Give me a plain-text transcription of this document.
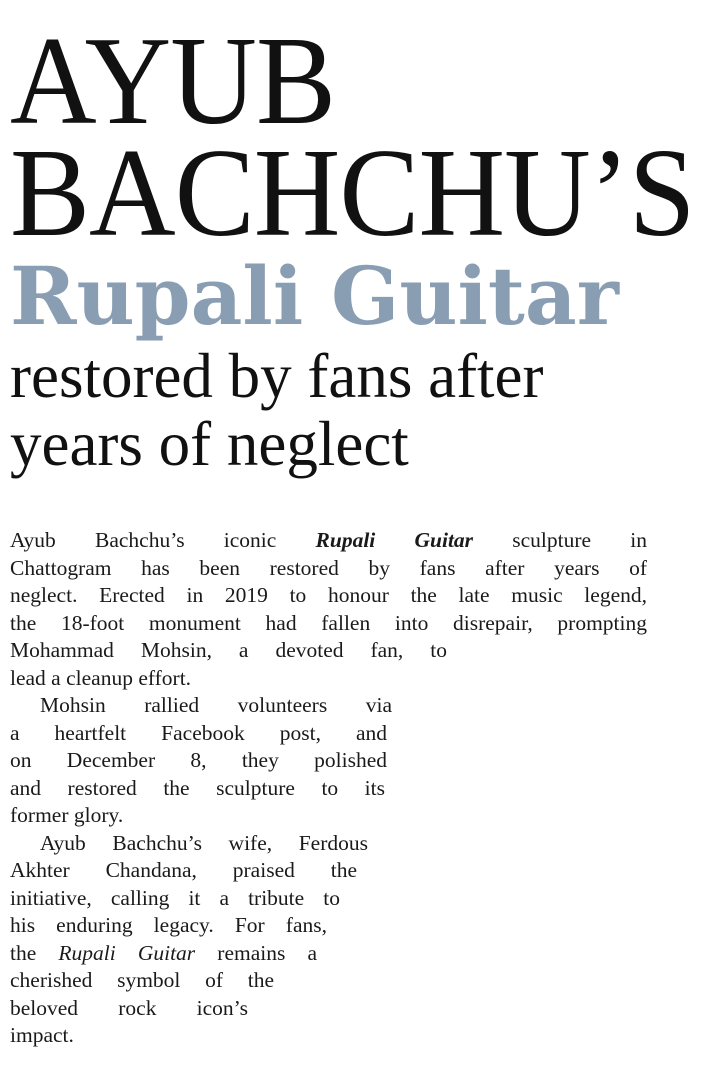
AYUB
BACHCHU’S
Rupali Guitar
restored by fans after
years of neglect
Ayub Bachchu’s iconic Rupali Guitar sculpture in
Chattogram has been restored by fans after years of
neglect. Erected in 2019 to honour the late music legend,
the 18-foot monument had fallen into disrepair, prompting
Mohammad Mohsin, a devoted fan, to
lead a cleanup effort.
Mohsin rallied volunteers via
a heartfelt Facebook post, and
on December 8, they polished
and restored the sculpture to its
former glory.
Ayub Bachchu’s wife, Ferdous
Akhter Chandana, praised the
initiative, calling it a tribute to
his enduring legacy. For fans,
the Rupali Guitar remains a
cherished symbol of the
beloved rock icon’s
impact.
